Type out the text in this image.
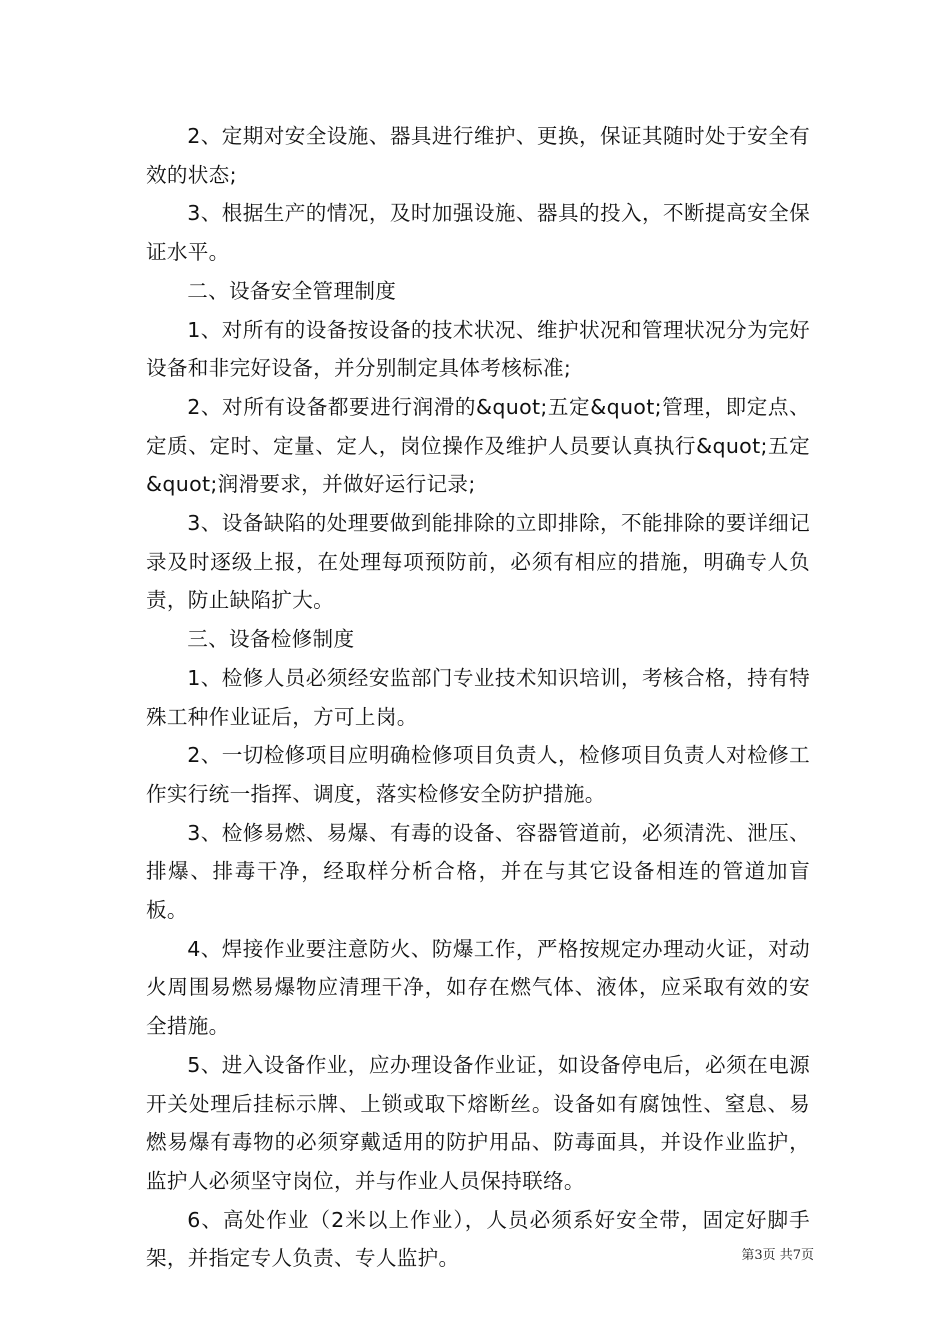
2、定期对安全设施、器具进行维护、更换，保证其随时处于安全有效的状态;

3、根据生产的情况，及时加强设施、器具的投入，不断提高安全保证水平。

二、设备安全管理制度

1、对所有的设备按设备的技术状况、维护状况和管理状况分为完好设备和非完好设备，并分别制定具体考核标准;

2、对所有设备都要进行润滑的&quot;五定&quot;管理，即定点、定质、定时、定量、定人，岗位操作及维护人员要认真执行&quot;五定&quot;润滑要求，并做好运行记录;

3、设备缺陷的处理要做到能排除的立即排除，不能排除的要详细记录及时逐级上报，在处理每项预防前，必须有相应的措施，明确专人负责，防止缺陷扩大。

三、设备检修制度

1、检修人员必须经安监部门专业技术知识培训，考核合格，持有特殊工种作业证后，方可上岗。

2、一切检修项目应明确检修项目负责人，检修项目负责人对检修工作实行统一指挥、调度，落实检修安全防护措施。

3、检修易燃、易爆、有毒的设备、容器管道前，必须清洗、泄压、排爆、排毒干净，经取样分析合格，并在与其它设备相连的管道加盲板。

4、焊接作业要注意防火、防爆工作，严格按规定办理动火证，对动火周围易燃易爆物应清理干净，如存在燃气体、液体，应采取有效的安全措施。

5、进入设备作业，应办理设备作业证，如设备停电后，必须在电源开关处理后挂标示牌、上锁或取下熔断丝。设备如有腐蚀性、窒息、易燃易爆有毒物的必须穿戴适用的防护用品、防毒面具，并设作业监护，监护人必须坚守岗位，并与作业人员保持联络。

6、高处作业（2米以上作业），人员必须系好安全带，固定好脚手架，并指定专人负责、专人监护。	第3页 共7页
